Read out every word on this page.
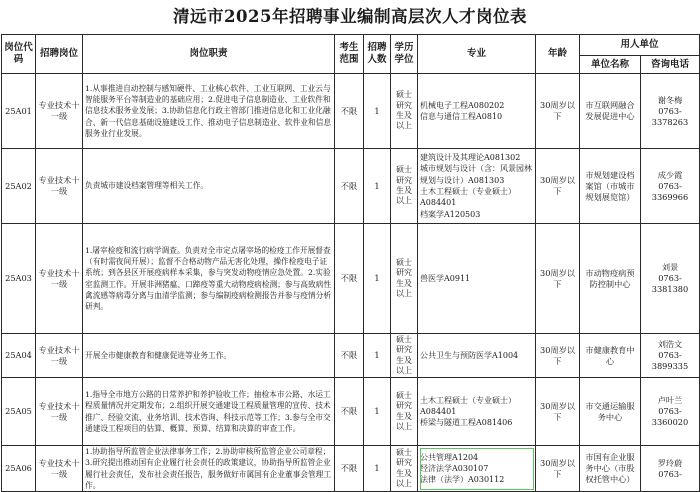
清远市2025年招聘事业编制高层次人才岗位表
岗位代码	招聘岗位	岗位职责	考生范围	招聘人数	学历学位	专业	年龄	用人单位	
								单位名称	咨询电话
25A01	专业技术十一级	1.从事推进自动控制与感知硬件、工业核心软件、工业互联网、工业云与智能服务平台等制造业的基础应用；2.促进电子信息制造业、工业软件和信息技术服务业发展；3.协助信息化行政主管部门推进信息化和工业化融合、新一代信息基础设施建设工作、推动电子信息制造业、软件业和信息服务业行业发展。	不限	1	硕士研究生及以上	机械电子工程A080202
信息与通信工程A0810	30周岁以下	市互联网融合发展促进中心	谢冬梅
0763-3378263
25A02	专业技术十一级	负责城市建设档案管理等相关工作。	不限	1	硕士研究生及以上	建筑设计及其理论A081302
城市规划与设计（含：风景园林规划与设计）A081303
土木工程硕士（专业硕士）A084401
档案学A120503	30周岁以下	市规划建设档案馆（市城市规划展览馆）	成少霞
0763-3369966
25A03	专业技术十一级	1.屠宰检疫和流行病学调查。负责对全市定点屠宰场的检疫工作开展督查（有时需夜间开展）；监督不合格动物产品无害化处理，操作检疫电子证系统；到各县区开展疫病样本采集，参与突发动物疫情应急处置。2.实验室监测工作。开展非洲猪瘟、口蹄疫等重大动物疫病检测；参与高致病性禽流感等病毒分离与血清学监测；参与编制疫病检测报告并参与疫情分析研判。	不限	1	硕士研究生及以上	兽医学A0911	30周岁以下	市动物疫病预防控制中心	刘景
0763-3381380
25A04	专业技术十一级	开展全市健康教育和健康促进等业务工作。	不限	1	硕士研究生及以上	公共卫生与预防医学A1004	30周岁以下	市健康教育中心	刘浩文
0763-3899335
25A05	专业技术十一级	1.指导全市地方公路的日常养护和养护验收工作；抽检本市公路、水运工程质量情况并定期发布；2.组织开展交通建设工程质量管理的宣传、技术推广、经验交流、业务培训、技术咨询、科技示范等工作；3.参与全市交通建设工程项目的估算、概算、预算、结算和决算的审查工作。	不限	1	硕士研究生及以上	土木工程硕士（专业硕士）A084401
桥梁与隧道工程A081406	30周岁以下	市交通运输服务中心	卢叶兰
0763-3360020
25A06	专业技术十一级	1.协助指导所监管企业法律事务工作；2.协助审核所监管企业公司章程；3.研究提出推动国有企业履行社会责任的政策建议，协助指导所监管企业履行社会责任，发布社会责任报告，服务做好市属国有企业董事会管理工作。	不限	1	硕士研究生及以上	公共管理A1204
经济法学A030107
法律（法学）A030112	30周岁以下	市国有企业服务中心（市股权托管中心）	罗玲蔚
0763-
